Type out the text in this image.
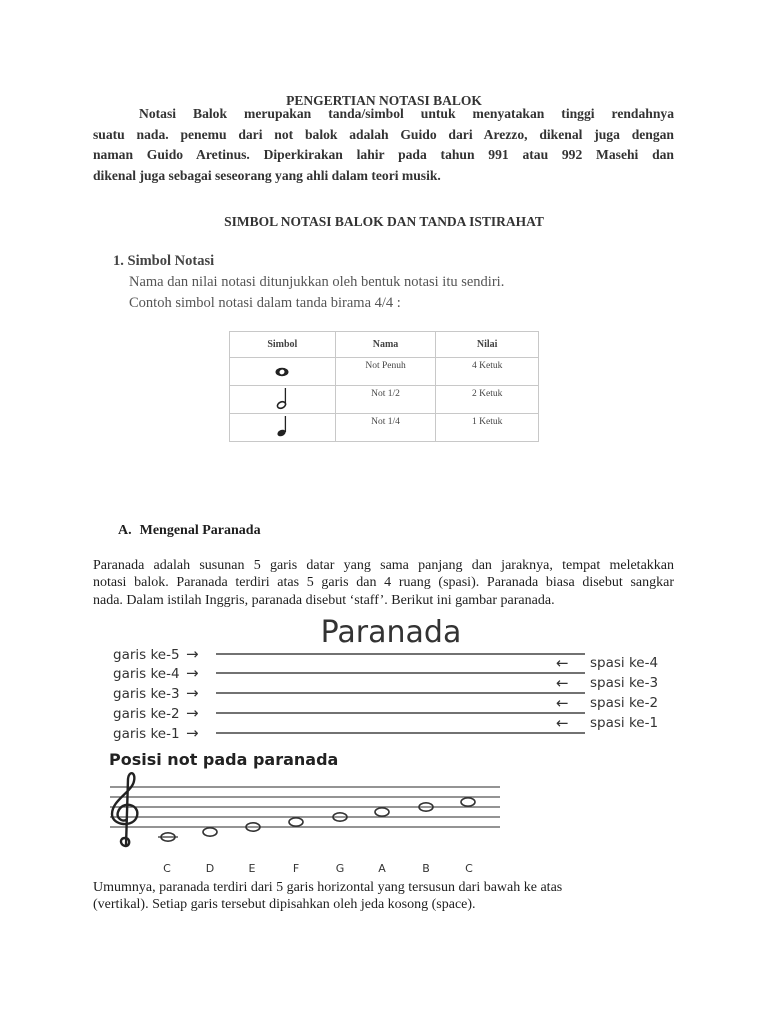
PENGERTIAN NOTASI BALOK
Notasi Balok merupakan tanda/simbol untuk menyatakan tinggi rendahnya
suatu nada. penemu dari not balok adalah Guido dari Arezzo, dikenal juga dengan
naman Guido Aretinus. Diperkirakan lahir pada tahun 991 atau 992 Masehi dan
dikenal juga sebagai seseorang yang ahli dalam teori musik.
SIMBOL NOTASI BALOK DAN TANDA ISTIRAHAT
1. Simbol Notasi
Nama dan nilai notasi ditunjukkan oleh bentuk notasi itu sendiri.
Contoh simbol notasi dalam tanda birama 4/4 :
Simbol	Nama	Nilai
	Not Penuh	4 Ketuk
	Not 1/2	2 Ketuk
	Not 1/4	1 Ketuk
A. Mengenal Paranada
Paranada adalah susunan 5 garis datar yang sama panjang dan jaraknya, tempat meletakkan
notasi balok. Paranada terdiri atas 5 garis dan 4 ruang (spasi). Paranada biasa disebut sangkar
nada. Dalam istilah Inggris, paranada disebut ‘staff’. Berikut ini gambar paranada.
Paranada
garis ke-5
garis ke-4
garis ke-3
garis ke-2
garis ke-1
→
→
→
→
→
←
←
←
←
spasi ke-4
spasi ke-3
spasi ke-2
spasi ke-1
Posisi not pada paranada
C	D	E	F	G	A	B	C
Umumnya, paranada terdiri dari 5 garis horizontal yang tersusun dari bawah ke atas
(vertikal). Setiap garis tersebut dipisahkan oleh jeda kosong (space).
